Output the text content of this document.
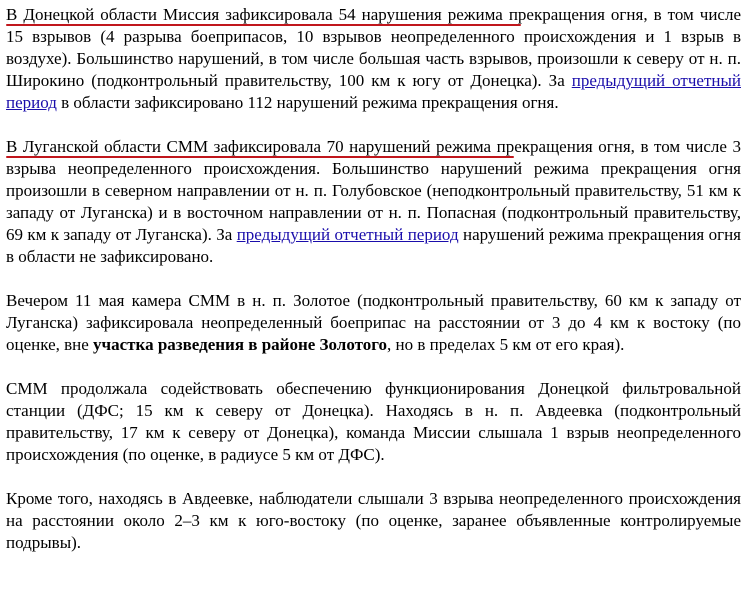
В Донецкой области Миссия зафиксировала 54 нарушения режима прекращения огня, в том числе 15 взрывов (4 разрыва боеприпасов, 10 взрывов неопределенного происхождения и 1 взрыв в воздухе). Большинство нарушений, в том числе большая часть взрывов, произошли к северу от н. п. Широкино (подконтрольный правительству, 100 км к югу от Донецка). За предыдущий отчетный период в области зафиксировано 112 нарушений режима прекращения огня.

В Луганской области СММ зафиксировала 70 нарушений режима прекращения огня, в том числе 3 взрыва неопределенного происхождения. Большинство нарушений режима прекращения огня произошли в северном направлении от н. п. Голубовское (неподконтрольный правительству, 51 км к западу от Луганска) и в восточном направлении от н. п. Попасная (подконтрольный правительству, 69 км к западу от Луганска). За предыдущий отчетный период нарушений режима прекращения огня в области не зафиксировано.

Вечером 11 мая камера СММ в н. п. Золотое (подконтрольный правительству, 60 км к западу от Луганска) зафиксировала неопределенный боеприпас на расстоянии от 3 до 4 км к востоку (по оценке, вне участка разведения в районе Золотого, но в пределах 5 км от его края).

СММ продолжала содействовать обеспечению функционирования Донецкой фильтровальной станции (ДФС; 15 км к северу от Донецка). Находясь в н. п. Авдеевка (подконтрольный правительству, 17 км к северу от Донецка), команда Миссии слышала 1 взрыв неопределенного происхождения (по оценке, в радиусе 5 км от ДФС).

Кроме того, находясь в Авдеевке, наблюдатели слышали 3 взрыва неопределенного происхождения на расстоянии около 2–3 км к юго-востоку (по оценке, заранее объявленные контролируемые подрывы).
